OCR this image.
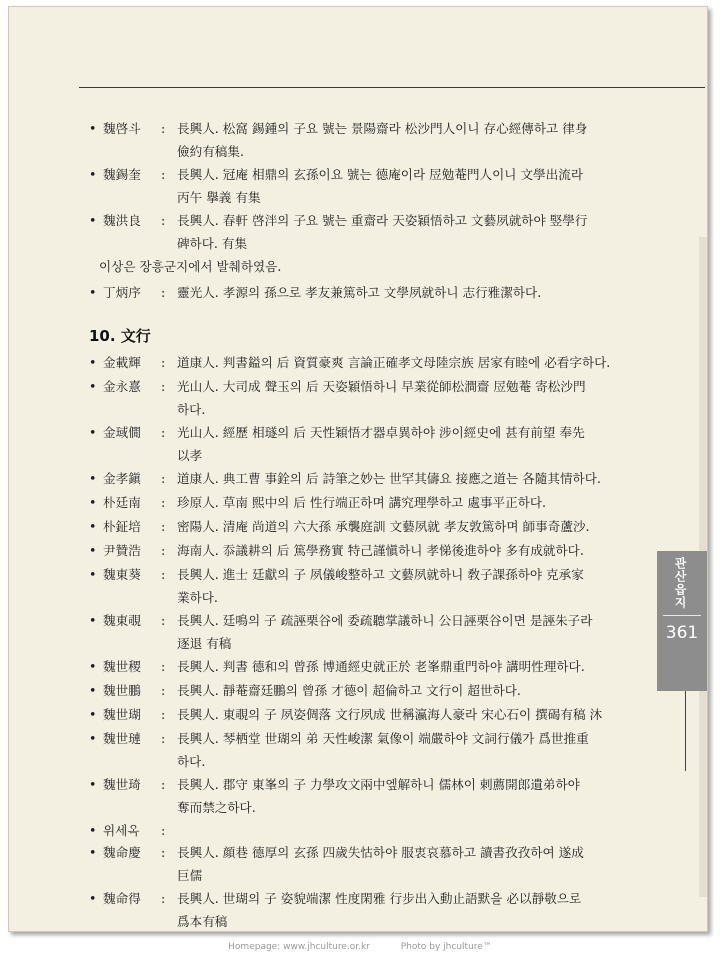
• 魏啓斗 : 長興人. 松窩 錫鍾의 子요 號는 景陽齋라 松沙門人이니 存心經傳하고 律身
儉約有稿集.
• 魏錫奎 : 長興人. 冠庵 相鼎의 玄孫이요 號는 德庵이라 㞐勉菴門人이니 文學出流라
丙午 擧義 有集
• 魏洪良 : 長興人. 春軒 啓泮의 子요 號는 重齋라 天姿穎悟하고 文藝夙就하야 竪學行
碑하다. 有集
• 丁炳序 : 靈光人. 孝源의 孫으로 孝友兼篤하고 文學夙就하니 志行雅潔하다.
• 金載輝 : 道康人. 判書鎰의 后 資質豪爽 言論正確孝文母陸宗族 居家有睦에 必看字하다.
• 金永憙 : 光山人. 大司成 聲玉의 后 天姿穎悟하니 早業從師松澗齋 㞐勉菴 寄松沙門
하다.
• 金琙僩 : 光山人. 經歷 相璲의 后 天性穎悟才器卓異하야 涉이經史에 甚有前望 奉先
以孝
• 金孝鎭 : 道康人. 典工曹 事銓의 后 詩筆之妙는 世罕其儔요 接應之道는 各隨其情하다.
• 朴廷南 : 珍原人. 草南 熙中의 后 性行端正하며 講究理學하고 處事平正하다.
• 朴鉦培 : 密陽人. 清庵 尚道의 六大孫 承襲庭訓 文藝夙就 孝友敦篤하며 師事奇蘆沙.
• 尹贊浩 : 海南人. 忝議耕의 后 篤學務實 特己謹愼하니 孝悌後進하야 多有成就하다.
• 魏東葵 : 長興人. 進士 廷獻의 子 夙儀峻整하고 文藝夙就하니 敎子課孫하야 克承家
業하다.
• 魏東覗 : 長興人. 廷鳴의 子 疏誣栗谷에 委疏聽掌議하니 公日誣栗谷이면 是誣朱子라
逐退 有稿
• 魏世稷 : 長興人. 判書 德和의 曾孫 博通經史就正於 老峯鼎重門하야 講明性理하다.
• 魏世鵬 : 長興人. 靜菴齋廷鵬의 曾孫 才德이 超倫하고 文行이 超世하다.
• 魏世瑚 : 長興人. 東覗의 子 夙姿倜落 文行夙成 世稱瀛海人豪라 宋心石이 撰碣有稿 沐
• 魏世璉 : 長興人. 琴栖堂 世瑚의 弟 天性峻潔 氣像이 端嚴하야 文詞行儀가 爲世推重
하다.
• 魏世琦 : 長興人. 郡守 東峯의 子 力學攻文兩中엪解하니 儒林이 剌薦開郎遺弟하야
奪而禁之하다.
• 위세옥 :
• 魏命慶 : 長興人. 顔巷 德厚의 玄孫 四歲失怙하야 服衷哀慕하고 讀書孜孜하여 遂成
巨儒
• 魏命得 : 長興人. 世瑚의 子 姿貌端潔 性度閑雅 行步出入動止語默을 必以靜敬으로
爲本有稿
이상은 장흥군지에서 발췌하였음.
10. 文行
관산읍지
361
Homepage: www.jhculture.or.kr	Photo by jhculture™
